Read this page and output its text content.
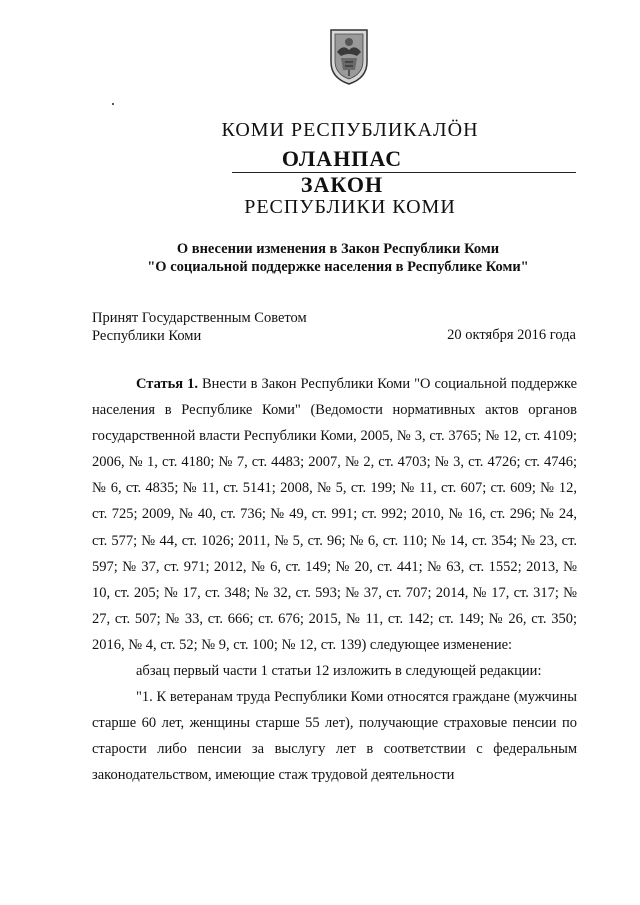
КОМИ РЕСПУБЛИКАЛӦН
ОЛАНПАС
ЗАКОН
РЕСПУБЛИКИ КОМИ
О внесении изменения в Закон Республики Коми
"О социальной поддержке населения в Республике Коми"
Принят Государственным Советом
Республики Коми	20 октября 2016 года

Статья 1. Внести в Закон Республики Коми "О социальной поддержке населения в Республике Коми" (Ведомости нормативных актов органов государственной власти Республики Коми, 2005, № 3, ст. 3765; № 12, ст. 4109; 2006, № 1, ст. 4180; № 7, ст. 4483; 2007, № 2, ст. 4703; № 3, ст. 4726; ст. 4746; № 6, ст. 4835; № 11, ст. 5141; 2008, № 5, ст. 199; № 11, ст. 607; ст. 609; № 12, ст. 725; 2009, № 40, ст. 736; № 49, ст. 991; ст. 992; 2010, № 16, ст. 296; № 24, ст. 577; № 44, ст. 1026; 2011, № 5, ст. 96; № 6, ст. 110; № 14, ст. 354; № 23, ст. 597; № 37, ст. 971; 2012, № 6, ст. 149; № 20, ст. 441; № 63, ст. 1552; 2013, № 10, ст. 205; № 17, ст. 348; № 32, ст. 593; № 37, ст. 707; 2014, № 17, ст. 317; № 27, ст. 507; № 33, ст. 666; ст. 676; 2015, № 11, ст. 142; ст. 149; № 26, ст. 350; 2016, № 4, ст. 52; № 9, ст. 100; № 12, ст. 139) следующее изменение:

абзац первый части 1 статьи 12 изложить в следующей редакции:

"1. К ветеранам труда Республики Коми относятся граждане (мужчины старше 60 лет, женщины старше 55 лет), получающие страховые пенсии по старости либо пенсии за выслугу лет в соответствии с федеральным законодательством, имеющие стаж трудовой деятельности
